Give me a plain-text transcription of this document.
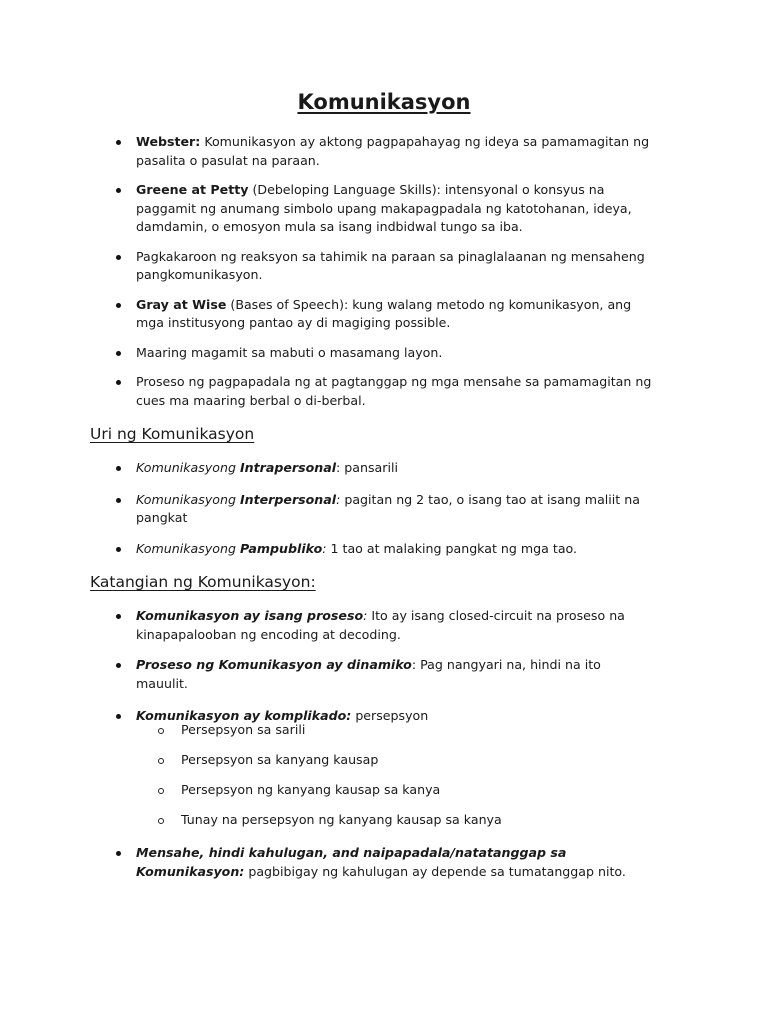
Komunikasyon
Webster: Komunikasyon ay aktong pagpapahayag ng ideya sa pamamagitan ng pasalita o pasulat na paraan.
Greene at Petty (Debeloping Language Skills): intensyonal o konsyus na paggamit ng anumang simbolo upang makapagpadala ng katotohanan, ideya, damdamin, o emosyon mula sa isang indbidwal tungo sa iba.
Pagkakaroon ng reaksyon sa tahimik na paraan sa pinaglalaanan ng mensaheng pangkomunikasyon.
Gray at Wise (Bases of Speech): kung walang metodo ng komunikasyon, ang mga institusyong pantao ay di magiging possible.
Maaring magamit sa mabuti o masamang layon.
Proseso ng pagpapadala ng at pagtanggap ng mga mensahe sa pamamagitan ng cues ma maaring berbal o di-berbal.
Uri ng Komunikasyon
Komunikasyong Intrapersonal: pansarili
Komunikasyong Interpersonal: pagitan ng 2 tao, o isang tao at isang maliit na pangkat
Komunikasyong Pampubliko: 1 tao at malaking pangkat ng mga tao.
Katangian ng Komunikasyon:
Komunikasyon ay isang proseso: Ito ay isang closed-circuit na proseso na kinapapalooban ng encoding at decoding.
Proseso ng Komunikasyon ay dinamiko: Pag nangyari na, hindi na ito mauulit.
Komunikasyon ay komplikado: persepsyon
Persepsyon sa sarili
Persepsyon sa kanyang kausap
Persepsyon ng kanyang kausap sa kanya
Tunay na persepsyon ng kanyang kausap sa kanya
Mensahe, hindi kahulugan, and naipapadala/natatanggap sa Komunikasyon: pagbibigay ng kahulugan ay depende sa tumatanggap nito.
